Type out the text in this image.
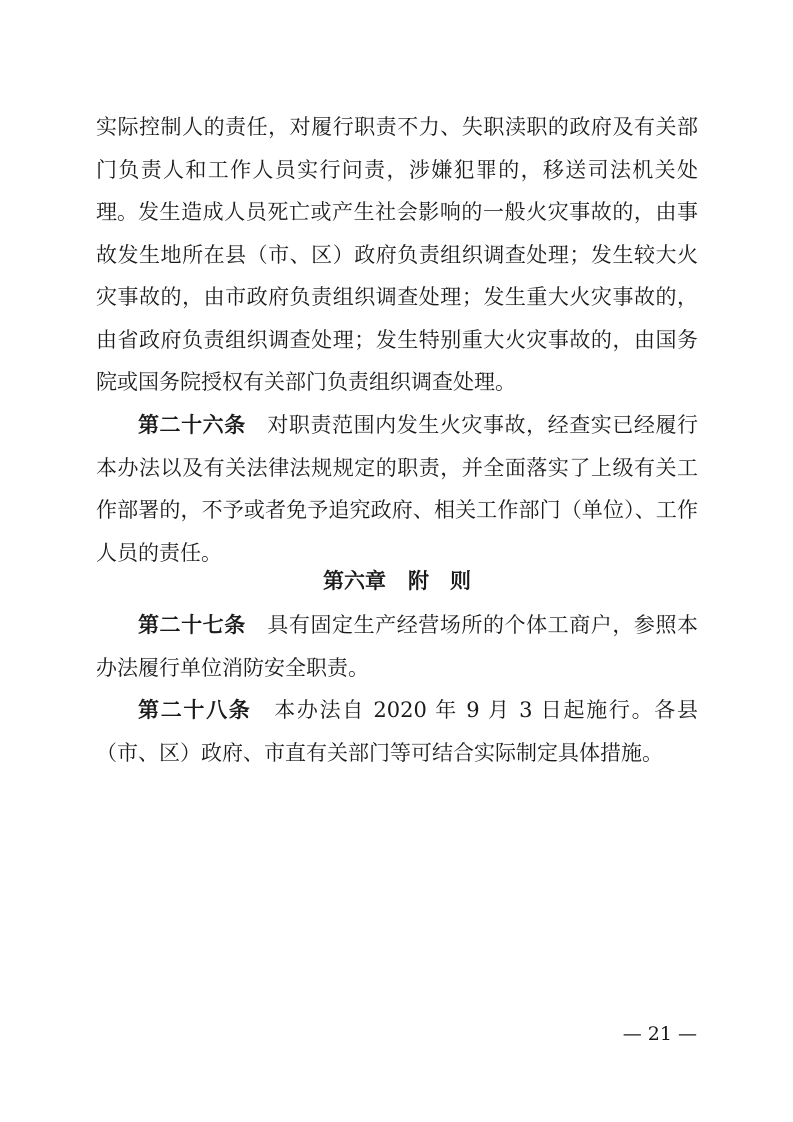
实际控制人的责任，对履行职责不力、失职渎职的政府及有关部门负责人和工作人员实行问责，涉嫌犯罪的，移送司法机关处理。 发生造成人员死亡或产生社会影响的一般火灾事故的，由事故发生地所在县（市、区）政府负责组织调查处理；发生较大火灾事故的，由市政府负责组织调查处理；发生重大火灾事故的，由省政府负责组织调查处理；发生特别重大火灾事故的，由国务院或国务院授权有关部门负责组织调查处理。

第二十六条 对职责范围内发生火灾事故，经查实已经履行本办法以及有关法律法规规定的职责，并全面落实了上级有关工作部署的，不予或者免予追究政府、相关工作部门（单位）、工作人员的责任。

第六章 附　则

第二十七条 具有固定生产经营场所的个体工商户，参照本办法履行单位消防安全职责。

第二十八条 本办法自 2020 年 9 月 3 日起施行。各县（市、区）政府、市直有关部门等可结合实际制定具体措施。

— 21 —
